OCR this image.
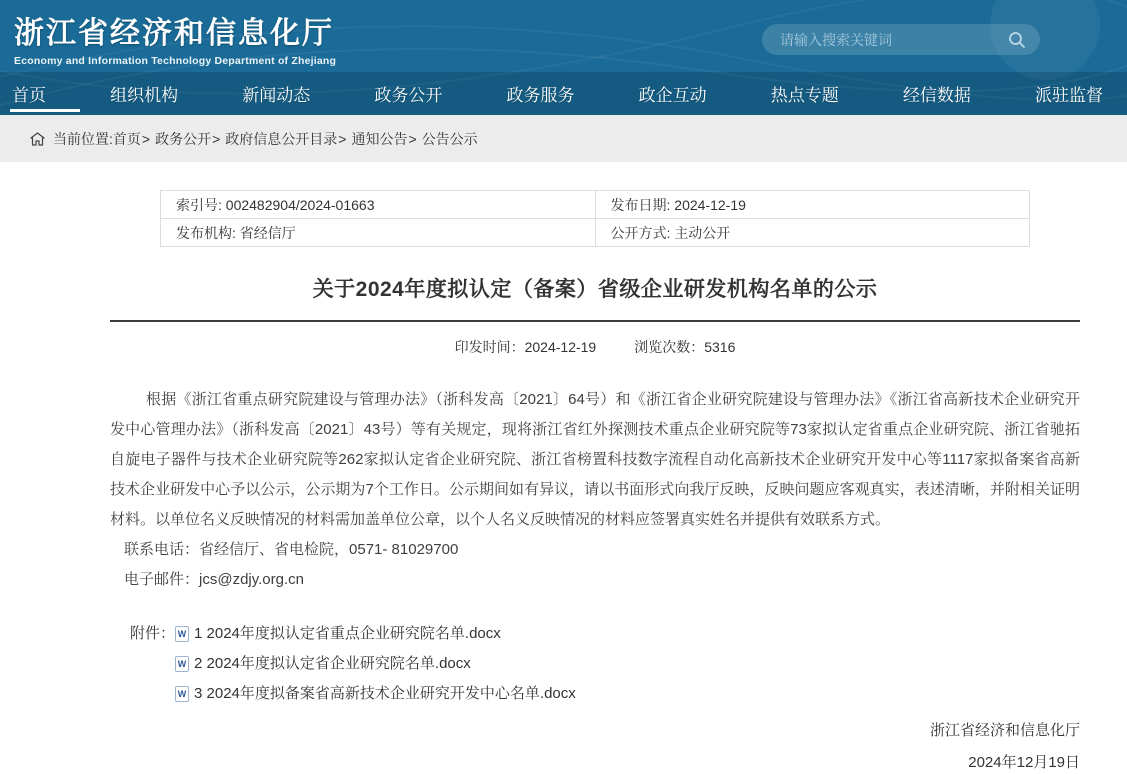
浙江省经济和信息化厅
Economy and Information Technology Department of Zhejiang
请输入搜索关键词
首页	组织机构	新闻动态	政务公开	政务服务	政企互动	热点专题	经信数据	派驻监督
当前位置: 首页 > 政务公开 > 政府信息公开目录 > 通知公告 > 公告公示
索引号: 002482904/2024-01663	发布日期: 2024-12-19
发布机构: 省经信厅	公开方式: 主动公开
关于2024年度拟认定（备案）省级企业研发机构名单的公示
印发时间：2024-12-19	浏览次数：5316

根据《浙江省重点研究院建设与管理办法》（浙科发高〔2021〕64号）和《浙江省企业研究院建设与管理办法》《浙江省高新技术企业研究开发中心管理办法》（浙科发高〔2021〕43号）等有关规定，现将浙江省红外探测技术重点企业研究院等73家拟认定省重点企业研究院、浙江省驰拓自旋电子器件与技术企业研究院等262家拟认定省企业研究院、浙江省榜置科技数字流程自动化高新技术企业研究开发中心等1117家拟备案省高新技术企业研发中心予以公示，公示期为7个工作日。公示期间如有异议，请以书面形式向我厅反映，反映问题应客观真实，表述清晰，并附相关证明材料。以单位名义反映情况的材料需加盖单位公章，以个人名义反映情况的材料应签署真实姓名并提供有效联系方式。

联系电话：省经信厅、省电检院，0571- 81029700
电子邮件：jcs@zdjy.org.cn
附件： W 1 2024年度拟认定省重点企业研究院名单.docx
W 2 2024年度拟认定省企业研究院名单.docx
W 3 2024年度拟备案省高新技术企业研究开发中心名单.docx
浙江省经济和信息化厅
2024年12月19日
